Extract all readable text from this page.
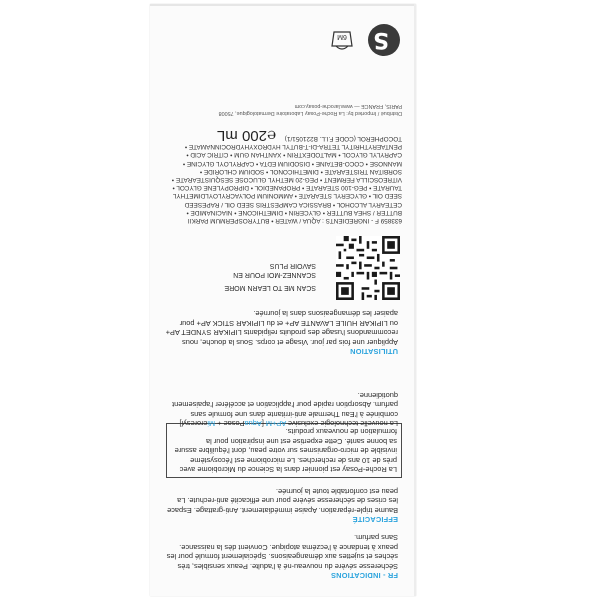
FR - INDICATIONS
Sécheresse sévère du nouveau-né à l'adulte. Peaux sensibles, très sèches et sujettes aux démangeaisons. Spécialement formulé pour les peaux à tendance à l'eczéma atopique. Convient dès la naissance. Sans parfum.
EFFICACITÉ
Baume triple-réparation. Apaise immédiatement. Anti-grattage. Espace les crises de sécheresse sévère pour une efficacité anti-rechute. La peau est confortable toute la journée.
La Roche-Posay est pionnier dans la Science du Microbiome avec près de 10 ans de recherches. Le microbiome est l'écosystème invisible de micro-organismes sur votre peau, dont l'équilibre assure sa bonne santé. Cette expertise est une inspiration pour la formulation de nouveaux produits.
La nouvelle technologie exclusive AP+M [AquaPosae + Microresyl] combinée à l'Eau Thermale anti-irritante dans une formule sans parfum. Absorption rapide pour l'application et accélérer l'apaisement quotidienne.
UTILISATION
Appliquer une fois par jour. Visage et corps. Sous la douche, nous recommandons l'usage des produits relipidants LIPIKAR SYNDET AP+ ou LIPIKAR HUILE LAVANTE AP+ et du LIPIKAR STICK AP+ pour apaiser les démangeaisons dans la journée.
SCAN ME TO LEARN MORE
SCANNEZ-MOI POUR EN SAVOIR PLUS
633859 F - INGREDIENTS : AQUA / WATER • BUTYROSPERMUM PARKII BUTTER / SHEA BUTTER • GLYCERIN • DIMETHICONE • NIACINAMIDE • CETEARYL ALCOHOL • BRASSICA CAMPESTRIS SEED OIL / RAPESEED SEED OIL • GLYCERYL STEARATE • AMMONIUM POLYACRYLOYLDIMETHYL TAURATE • PEG-100 STEARATE • PROPANEDIOL • DIPROPYLENE GLYCOL • VITREOSCILLA FERMENT • PEG-20 METHYL GLUCOSE SESQUISTEARATE • SORBITAN TRISTEARATE • DIMETHICONOL • SODIUM CHLORIDE • MANNOSE • COCO-BETAINE • DISODIUM EDTA • CAPRYLOYL GLYCINE • CAPRYLYL GLYCOL • MALTODEXTRIN • XANTHAN GUM • CITRIC ACID • PENTAERYTHRITYL TETRA-DI-T-BUTYL HYDROXYHYDROCINNAMATE • TOCOPHEROL (CODE F.I.L. B221051/1)
℮200 mL
Distribué / Imported by: La Roche-Posay Laboratoire Dermatologique, 75008 PARIS, FRANCE — www.laroche-posay.com
S
6M
